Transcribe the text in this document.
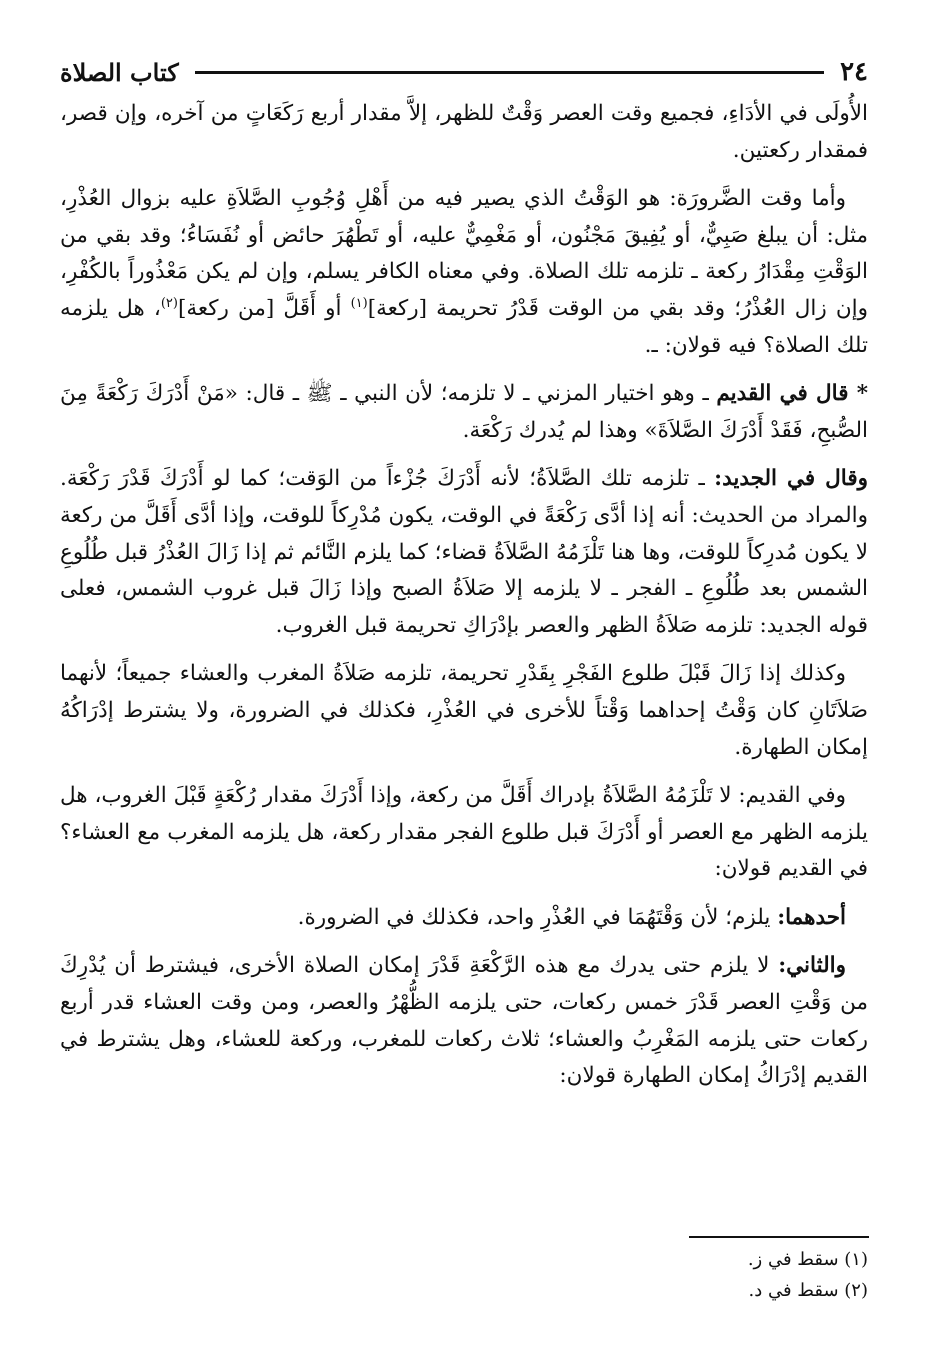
٢٤
كتاب الصلاة

الأُولَى في الأدَاءِ، فجميع وقت العصر وَقْتٌ للظهر، إلاَّ مقدار أربع رَكَعَاتٍ من آخره، وإن قصر، فمقدار ركعتين.

وأما وقت الضَّرورَة: هو الوَقْتُ الذي يصير فيه من أَهْلِ وُجُوبِ الصَّلاَةِ عليه بزوال العُذْرِ، مثل: أن يبلغ صَبِيٌّ، أو يُفِيقَ مَجْنُون، أو مَغْمِيٌّ عليه، أو تَطْهُرَ حائض أو نُفَسَاءُ؛ وقد بقي من الوَقْتِ مِقْدَارُ ركعة ـ تلزمه تلك الصلاة. وفي معناه الكافر يسلم، وإن لم يكن مَعْذُوراً بالكُفْرِ، وإن زال العُذْرُ؛ وقد بقي من الوقت قَدْرُ تحريمة [ركعة]$^{(١)}$ أو أَقَلَّ [من ركعة]$^{(٢)}$، هل يلزمه تلك الصلاة؟ فيه قولان: ـ.

* قال في القديم ـ وهو اختيار المزني ـ لا تلزمه؛ لأن النبي ـ ﷺ ـ قال: «مَنْ أَدْرَكَ رَكْعَةً مِنَ الصُّبحِ، فَقَدْ أَدْرَكَ الصَّلاَةَ» وهذا لم يُدرك رَكْعَة.

وقال في الجديد: ـ تلزمه تلك الصَّلاَةُ؛ لأنه أَدْرَكَ جُزْءاً من الوَقت؛ كما لو أَدْرَكَ قَدْرَ رَكْعَة. والمراد من الحديث: أنه إذا أدَّى رَكْعَةً في الوقت، يكون مُدْرِكاً للوقت، وإذا أدَّى أَقَلَّ من ركعة لا يكون مُدرِكاً للوقت، وها هنا تَلْزَمُهُ الصَّلاَةُ قضاء؛ كما يلزم النَّائم ثم إذا زَالَ العُذْرُ قبل طُلُوعِ الشمس بعد طُلُوعِ ـ الفجر ـ لا يلزمه إلا صَلاَةُ الصبح وإذا زَالَ قبل غروب الشمس، فعلى قوله الجديد: تلزمه صَلاَةُ الظهر والعصر بإدْرَاكِ تحريمة قبل الغروب.

وكذلك إذا زَالَ قَبْلَ طلوع الفَجْرِ بِقَدْرِ تحريمة، تلزمه صَلاَةُ المغرب والعشاء جميعاً؛ لأنهما صَلاَتَانِ كان وَقْتُ إحداهما وَقْتاً للأخرى في العُذْرِ، فكذلك في الضرورة، ولا يشترط إدْرَاكُهُ إمكان الطهارة.

وفي القديم: لا تَلْزَمُهُ الصَّلاَةُ بإدراك أَقَلَّ من ركعة، وإذا أَدْرَكَ مقدار رُكْعَةٍ قَبْلَ الغروب، هل يلزمه الظهر مع العصر أو أَدْرَكَ قبل طلوع الفجر مقدار ركعة، هل يلزمه المغرب مع العشاء؟ في القديم قولان:

أحدهما: يلزم؛ لأن وَقْتَهُمَا في العُذْرِ واحد، فكذلك في الضرورة.

والثاني: لا يلزم حتى يدرك مع هذه الرَّكْعَةِ قَدْرَ إمكان الصلاة الأخرى، فيشترط أن يُدْرِكَ من وَقْتِ العصر قَدْرَ خمس ركعات، حتى يلزمه الظُّهْرُ والعصر، ومن وقت العشاء قدر أربع ركعات حتى يلزمه المَغْرِبُ والعشاء؛ ثلاث ركعات للمغرب، وركعة للعشاء، وهل يشترط في القديم إدْرَاكُ إمكان الطهارة قولان:

(١) سقط في ز.

(٢) سقط في د.
